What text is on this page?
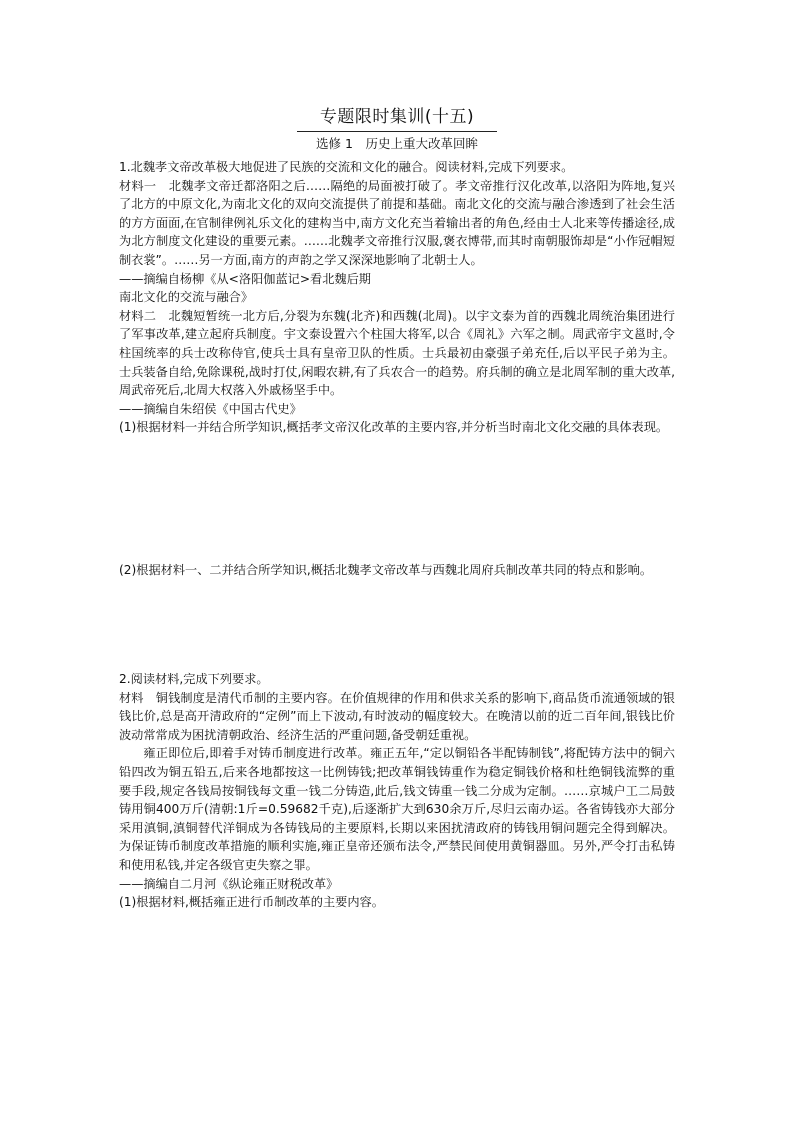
专题限时集训(十五)
选修 1　历史上重大改革回眸

1.北魏孝文帝改革极大地促进了民族的交流和文化的融合。阅读材料,完成下列要求。

材料一　北魏孝文帝迁都洛阳之后……隔绝的局面被打破了。孝文帝推行汉化改革,以洛阳为阵地,复兴了北方的中原文化,为南北文化的双向交流提供了前提和基础。南北文化的交流与融合渗透到了社会生活的方方面面,在官制律例礼乐文化的建构当中,南方文化充当着输出者的角色,经由士人北来等传播途径,成为北方制度文化建设的重要元素。……北魏孝文帝推行汉服,褒衣博带,而其时南朝服饰却是“小作冠帽短制衣裳”。……另一方面,南方的声韵之学又深深地影响了北朝士人。

——摘编自杨柳《从<洛阳伽蓝记>看北魏后期

南北文化的交流与融合》

材料二　北魏短暂统一北方后,分裂为东魏(北齐)和西魏(北周)。以宇文泰为首的西魏北周统治集团进行了军事改革,建立起府兵制度。宇文泰设置六个柱国大将军,以合《周礼》六军之制。周武帝宇文邕时,令柱国统率的兵士改称侍官,使兵士具有皇帝卫队的性质。士兵最初由豪强子弟充任,后以平民子弟为主。士兵装备自给,免除课税,战时打仗,闲暇农耕,有了兵农合一的趋势。府兵制的确立是北周军制的重大改革,周武帝死后,北周大权落入外戚杨坚手中。

——摘编自朱绍侯《中国古代史》

(1)根据材料一并结合所学知识,概括孝文帝汉化改革的主要内容,并分析当时南北文化交融的具体表现。

(2)根据材料一、二并结合所学知识,概括北魏孝文帝改革与西魏北周府兵制改革共同的特点和影响。

2.阅读材料,完成下列要求。

材料　铜钱制度是清代币制的主要内容。在价值规律的作用和供求关系的影响下,商品货币流通领域的银钱比价,总是高开清政府的“定例”而上下波动,有时波动的幅度较大。在晚清以前的近二百年间,银钱比价波动常常成为困扰清朝政治、经济生活的严重问题,备受朝廷重视。

雍正即位后,即着手对铸币制度进行改革。雍正五年,“定以铜铅各半配铸制钱”,将配铸方法中的铜六铅四改为铜五铅五,后来各地都按这一比例铸钱;把改革铜钱铸重作为稳定铜钱价格和杜绝铜钱流弊的重要手段,规定各钱局按铜钱每文重一钱二分铸造,此后,钱文铸重一钱二分成为定制。……京城户工二局鼓铸用铜400万斤(清朝:1斤=0.59682千克),后逐渐扩大到630余万斤,尽归云南办运。各省铸钱亦大部分采用滇铜,滇铜替代洋铜成为各铸钱局的主要原料,长期以来困扰清政府的铸钱用铜问题完全得到解决。为保证铸币制度改革措施的顺利实施,雍正皇帝还颁布法令,严禁民间使用黄铜器皿。另外,严令打击私铸和使用私钱,并定各级官吏失察之罪。

——摘编自二月河《纵论雍正财税改革》

(1)根据材料,概括雍正进行币制改革的主要内容。
